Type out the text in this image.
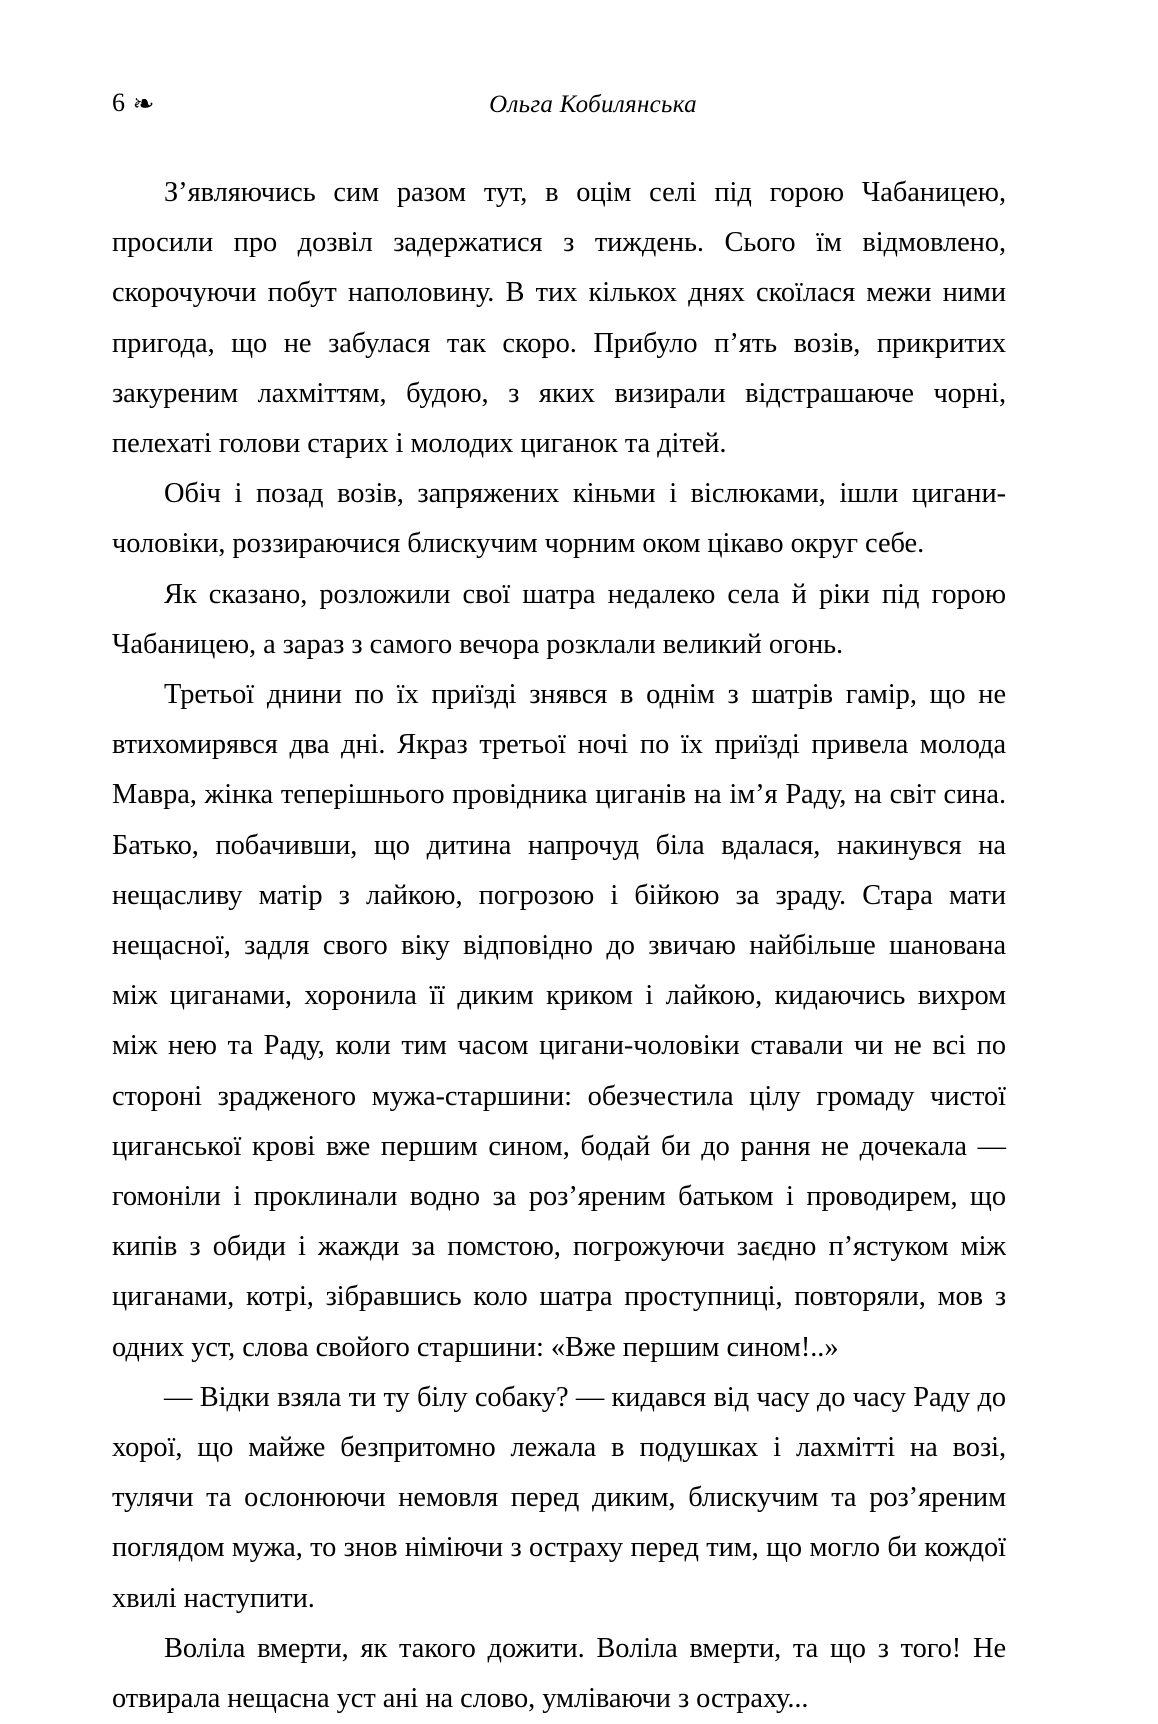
6 ❧	Ольга Кобилянська

З’являючись сим разом тут, в оцім селі під горою Чабаницею, просили про дозвіл задержатися з тиждень. Сього їм відмовлено, скорочуючи побут наполовину. В тих кількох днях скоїлася межи ними пригода, що не забулася так скоро. Прибуло п’ять возів, прикритих закуреним лахміттям, будою, з яких визирали відстрашаюче чорні, пелехаті голови старих і молодих циганок та дітей.

Обіч і позад возів, запряжених кіньми і віслюками, ішли цигани-чоловіки, роззираючися блискучим чорним оком цікаво округ себе.

Як сказано, розложили свої шатра недалеко села й ріки під горою Чабаницею, а зараз з самого вечора розклали великий огонь.

Третьої днини по їх приїзді знявся в однім з шатрів гамір, що не втихомирявся два дні. Якраз третьої ночі по їх приїзді привела молода Мавра, жінка теперішнього провідника циганів на ім’я Раду, на світ сина. Батько, побачивши, що дитина напрочуд біла вдалася, накинувся на нещасливу матір з лайкою, погрозою і бійкою за зраду. Стара мати нещасної, задля свого віку відповідно до звичаю найбільше шанована між циганами, хоронила її диким криком і лайкою, кидаючись вихром між нею та Раду, коли тим часом цигани-чоловіки ставали чи не всі по стороні зрадженого мужа-старшини: обезчестила цілу громаду чистої циганської крові вже першим сином, бодай би до рання не дочекала — гомоніли і проклинали водно за роз’яреним батьком і проводирем, що кипів з обиди і жажди за помстою, погрожуючи заєдно п’ястуком між циганами, котрі, зібравшись коло шатра проступниці, повторяли, мов з одних уст, слова свойого старшини: «Вже першим сином!..»

— Відки взяла ти ту білу собаку? — кидався від часу до часу Раду до хорої, що майже безпритомно лежала в подушках і лахмітті на возі, тулячи та ослонюючи немовля перед диким, блискучим та роз’яреним поглядом мужа, то знов німіючи з остраху перед тим, що могло би кождої хвилі наступити.

Воліла вмерти, як такого дожити. Воліла вмерти, та що з того! Не отвирала нещасна уст ані на слово, умліваючи з остраху...
